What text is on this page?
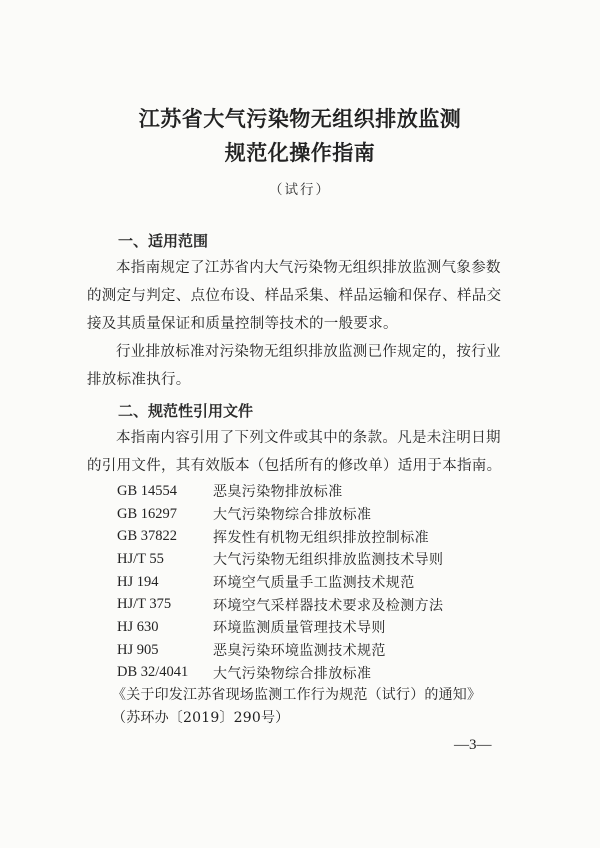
江苏省大气污染物无组织排放监测
规范化操作指南
（试行）
一、适用范围
本指南规定了江苏省内大气污染物无组织排放监测气象参数的测定与判定、点位布设、样品采集、样品运输和保存、样品交接及其质量保证和质量控制等技术的一般要求。
行业排放标准对污染物无组织排放监测已作规定的，按行业排放标准执行。
二、规范性引用文件
本指南内容引用了下列文件或其中的条款。凡是未注明日期的引用文件，其有效版本（包括所有的修改单）适用于本指南。
GB 14554	恶臭污染物排放标准
GB 16297	大气污染物综合排放标准
GB 37822	挥发性有机物无组织排放控制标准
HJ/T 55	大气污染物无组织排放监测技术导则
HJ 194	环境空气质量手工监测技术规范
HJ/T 375	环境空气采样器技术要求及检测方法
HJ 630	环境监测质量管理技术导则
HJ 905	恶臭污染环境监测技术规范
DB 32/4041	大气污染物综合排放标准
《关于印发江苏省现场监测工作行为规范（试行）的通知》
（苏环办〔2019〕290号）
—3—
